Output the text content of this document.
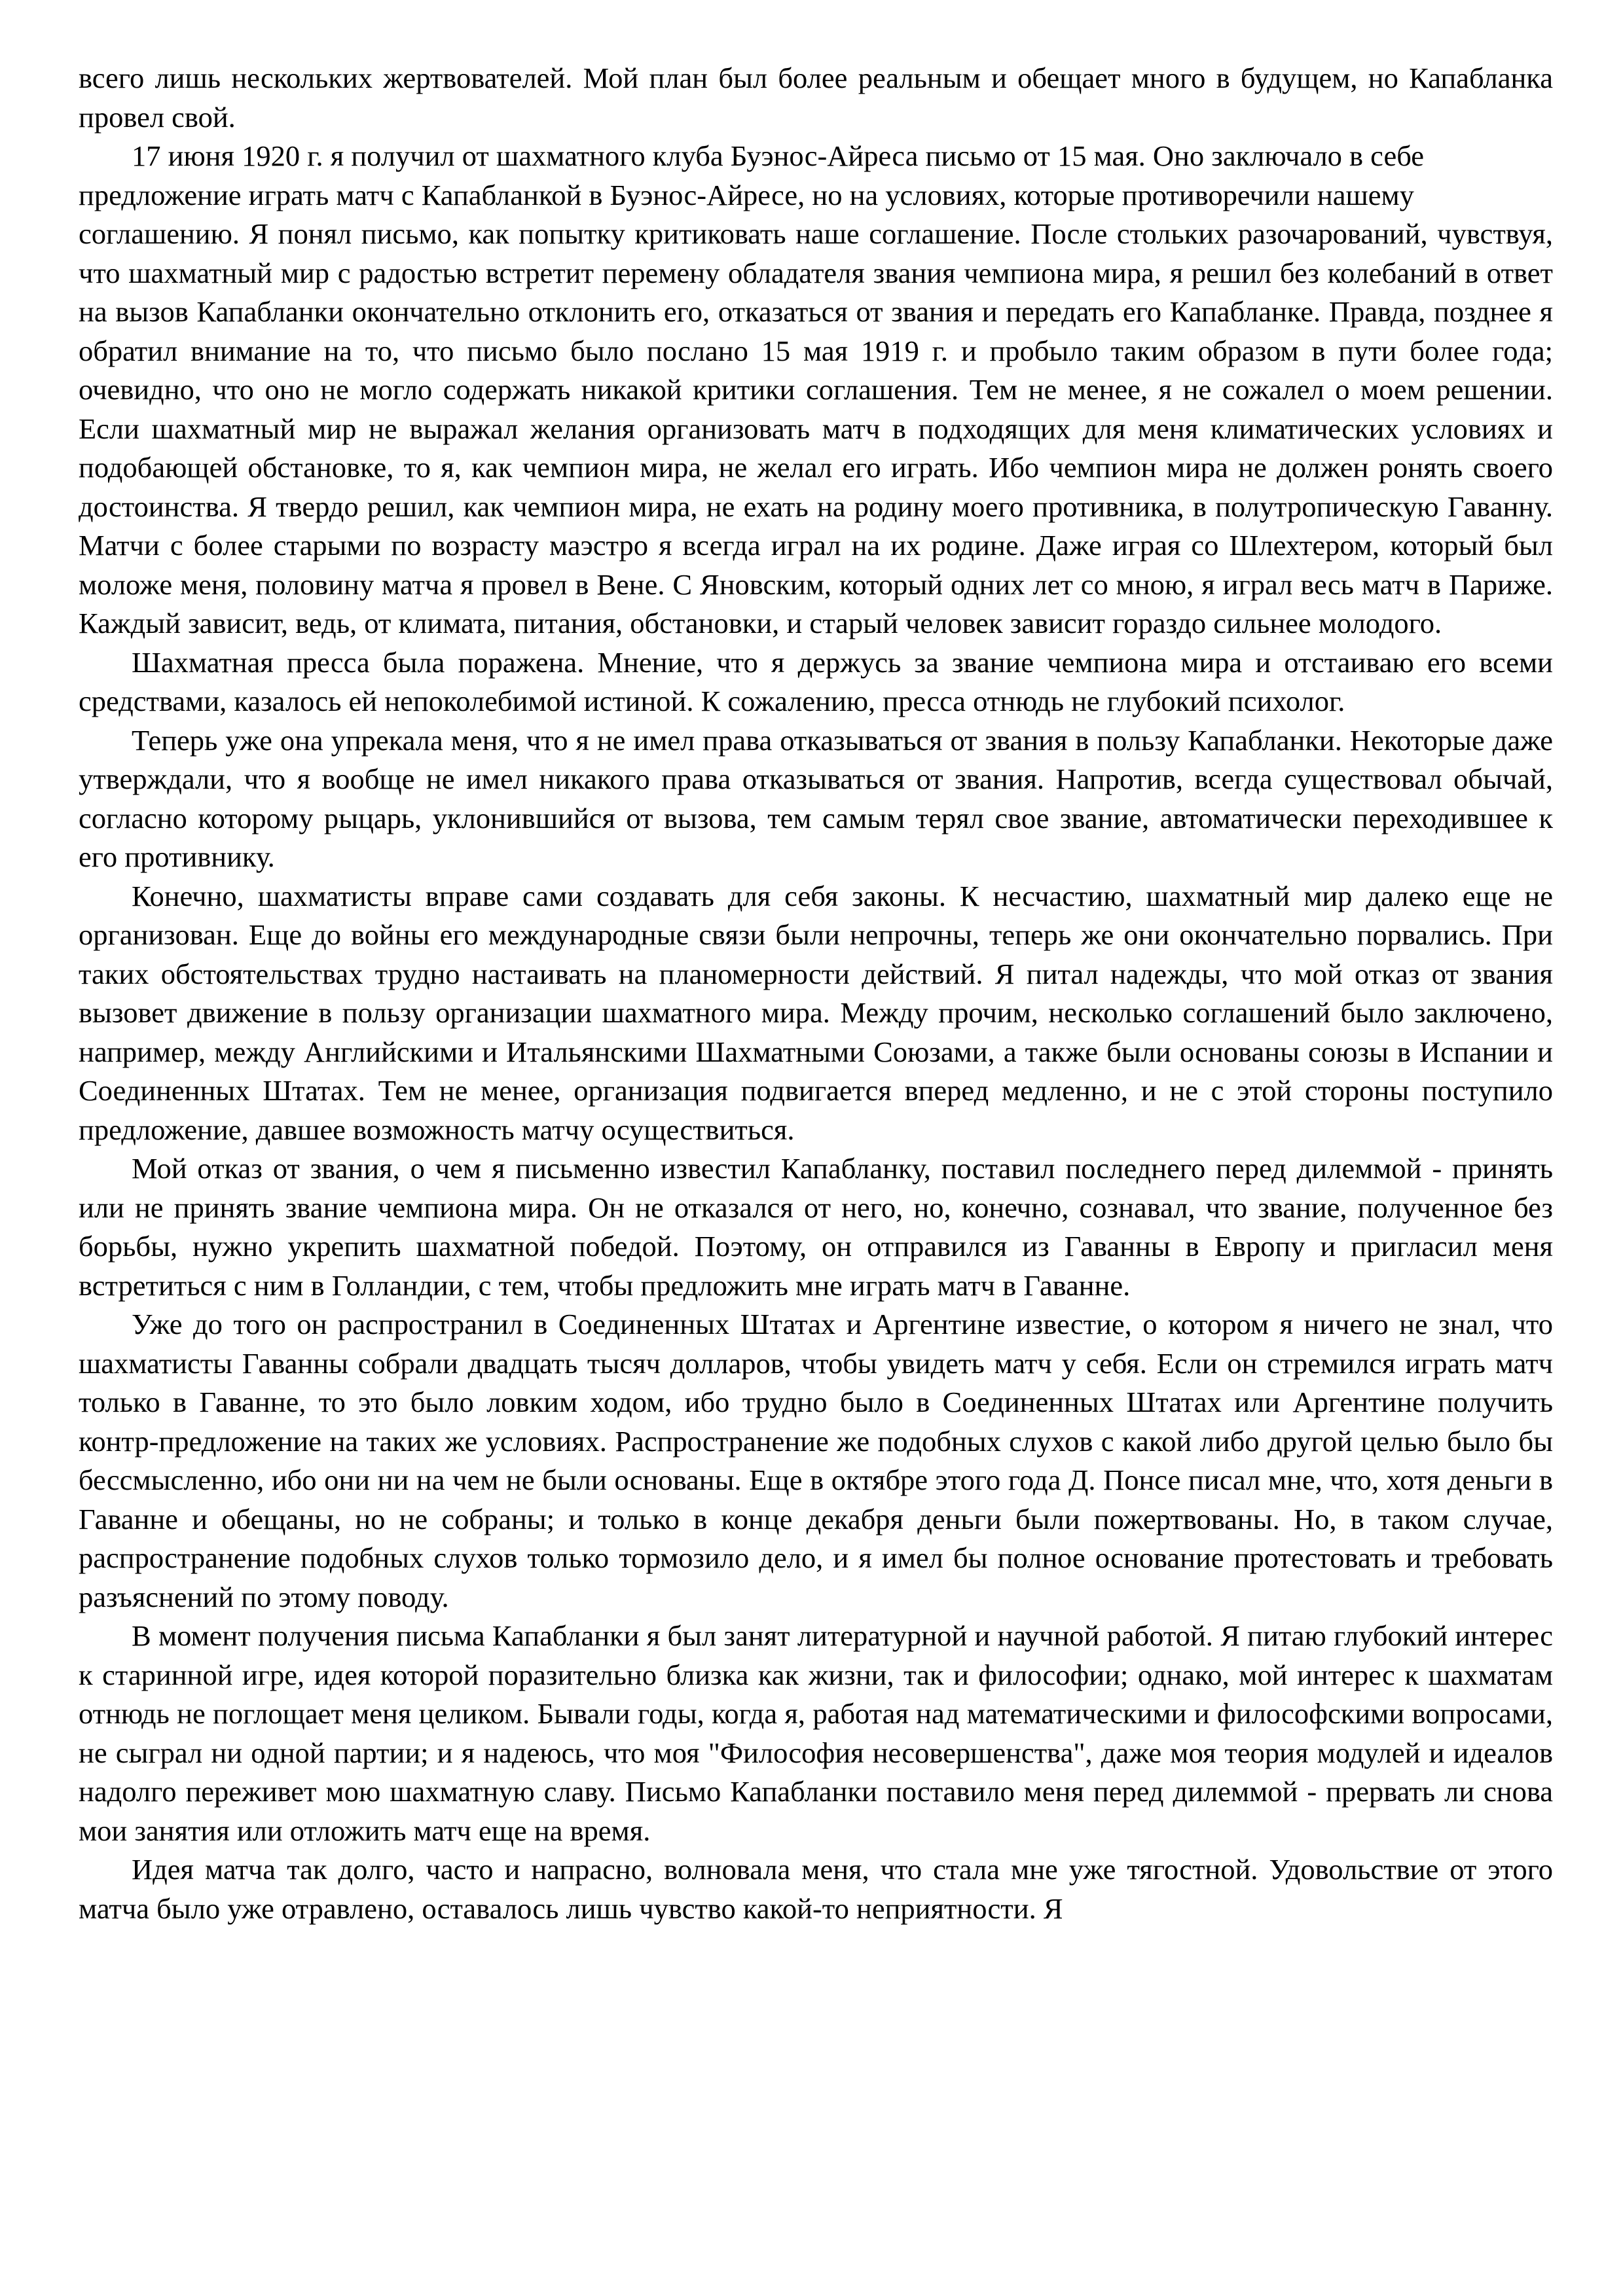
всего лишь нескольких жертвователей. Мой план был более реальным и обещает много в будущем, но Капабланка провел свой.

17 июня 1920 г. я получил от шахматного клуба Буэнос-Айреса письмо от 15 мая. Оно заключало в себе предложение играть матч с Капабланкой в Буэнос-Айресе, но на условиях, которые противоречили нашему

соглашению. Я понял письмо, как попытку критиковать наше соглашение. После стольких разочарований, чувствуя, что шахматный мир с радостью встретит перемену обладателя звания чемпиона мира, я решил без колебаний в ответ на вызов Капабланки окончательно отклонить его, отказаться от звания и передать его Капабланке. Правда, позднее я обратил внимание на то, что письмо было послано 15 мая 1919 г. и пробыло таким образом в пути более года; очевидно, что оно не могло содержать никакой критики соглашения. Тем не менее, я не сожалел о моем решении. Если шахматный мир не выражал желания организовать матч в подходящих для меня климатических условиях и подобающей обстановке, то я, как чемпион мира, не желал его играть. Ибо чемпион мира не должен ронять своего достоинства. Я твердо решил, как чемпион мира, не ехать на родину моего противника, в полутропическую Гаванну. Матчи с более старыми по возрасту маэстро я всегда играл на их родине. Даже играя со Шлехтером, который был моложе меня, половину матча я провел в Вене. С Яновским, который одних лет со мною, я играл весь матч в Париже. Каждый зависит, ведь, от климата, питания, обстановки, и старый человек зависит гораздо сильнее молодого.

Шахматная пресса была поражена. Мнение, что я держусь за звание чемпиона мира и отстаиваю его всеми средствами, казалось ей непоколебимой истиной. К сожалению, пресса отнюдь не глубокий психолог.

Теперь уже она упрекала меня, что я не имел права отказываться от звания в пользу Капабланки. Некоторые даже утверждали, что я вообще не имел никакого права отказываться от звания. Напротив, всегда существовал обычай, согласно которому рыцарь, уклонившийся от вызова, тем самым терял свое звание, автоматически переходившее к его противнику.

Конечно, шахматисты вправе сами создавать для себя законы. К несчастию, шахматный мир далеко еще не организован. Еще до войны его международные связи были непрочны, теперь же они окончательно порвались. При таких обстоятельствах трудно настаивать на планомерности действий. Я питал надежды, что мой отказ от звания вызовет движение в пользу организации шахматного мира. Между прочим, несколько соглашений было заключено, например, между Английскими и Итальянскими Шахматными Союзами, а также были основаны союзы в Испании и Соединенных Штатах. Тем не менее, организация подвигается вперед медленно, и не с этой стороны поступило предложение, давшее возможность матчу осуществиться.

Мой отказ от звания, о чем я письменно известил Капабланку, поставил последнего перед дилеммой - принять или не принять звание чемпиона мира. Он не отказался от него, но, конечно, сознавал, что звание, полученное без борьбы, нужно укрепить шахматной победой. Поэтому, он отправился из Гаванны в Европу и пригласил меня встретиться с ним в Голландии, с тем, чтобы предложить мне играть матч в Гаванне.

Уже до того он распространил в Соединенных Штатах и Аргентине известие, о котором я ничего не знал, что шахматисты Гаванны собрали двадцать тысяч долларов, чтобы увидеть матч у себя. Если он стремился играть матч только в Гаванне, то это было ловким ходом, ибо трудно было в Соединенных Штатах или Аргентине получить контр-предложение на таких же условиях. Распространение же подобных слухов с какой либо другой целью было бы бессмысленно, ибо они ни на чем не были основаны. Еще в октябре этого года Д. Понсе писал мне, что, хотя деньги в Гаванне и обещаны, но не собраны; и только в конце декабря деньги были пожертвованы. Но, в таком случае, распространение подобных слухов только тормозило дело, и я имел бы полное основание протестовать и требовать разъяснений по этому поводу.

В момент получения письма Капабланки я был занят литературной и научной работой. Я питаю глубокий интерес к старинной игре, идея которой поразительно близка как жизни, так и философии; однако, мой интерес к шахматам отнюдь не поглощает меня целиком. Бывали годы, когда я, работая над математическими и философскими вопросами, не сыграл ни одной партии; и я надеюсь, что моя "Философия несовершенства", даже моя теория модулей и идеалов надолго переживет мою шахматную славу. Письмо Капабланки поставило меня перед дилеммой - прервать ли снова мои занятия или отложить матч еще на время.

Идея матча так долго, часто и напрасно, волновала меня, что стала мне уже тягостной. Удовольствие от этого матча было уже отравлено, оставалось лишь чувство какой-то неприятности. Я
